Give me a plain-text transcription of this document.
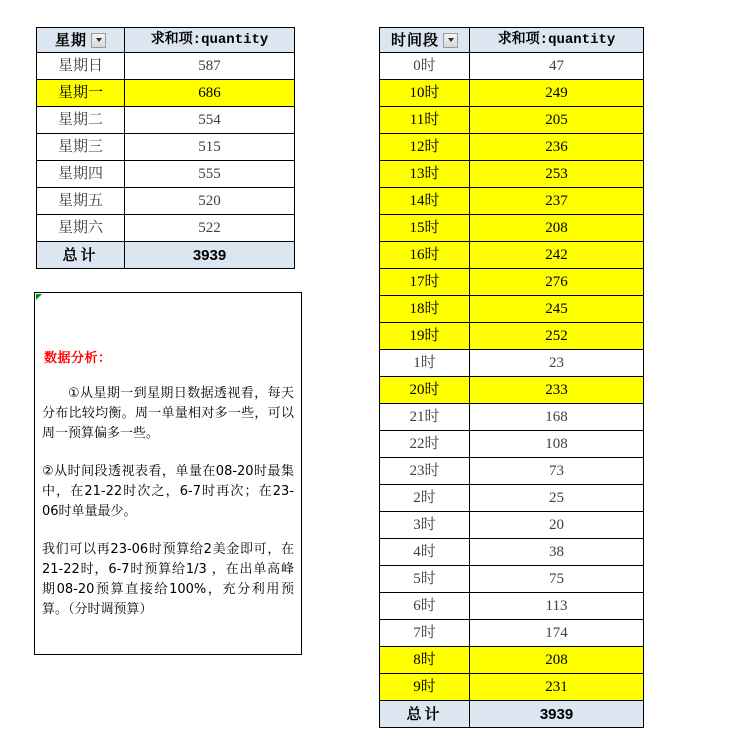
星期	求和项:quantity

星期日	587
星期一	686
星期二	554
星期三	515
星期四	555
星期五	520
星期六	522
总计	3939
时间段	求和项:quantity

0时	47
10时	249
11时	205
12时	236
13时	253
14时	237
15时	208
16时	242
17时	276
18时	245
19时	252
1时	23
20时	233
21时	168
22时	108
23时	73
2时	25
3时	20
4时	38
5时	75
6时	113
7时	174
8时	208
9时	231
总计	3939
数据分析：
①从星期一到星期日数据透视看，每天分布比较均衡。周一单量相对多一些，可以周一预算偏多一些。
②从时间段透视表看，单量在08-20时最集中，在21-22时次之，6-7时再次；在23-06时单量最少。
我们可以再23-06时预算给2美金即可，在21-22时，6-7时预算给1/3 ，在出单高峰期08-20预算直接给100%，充分利用预算。（分时调预算）
